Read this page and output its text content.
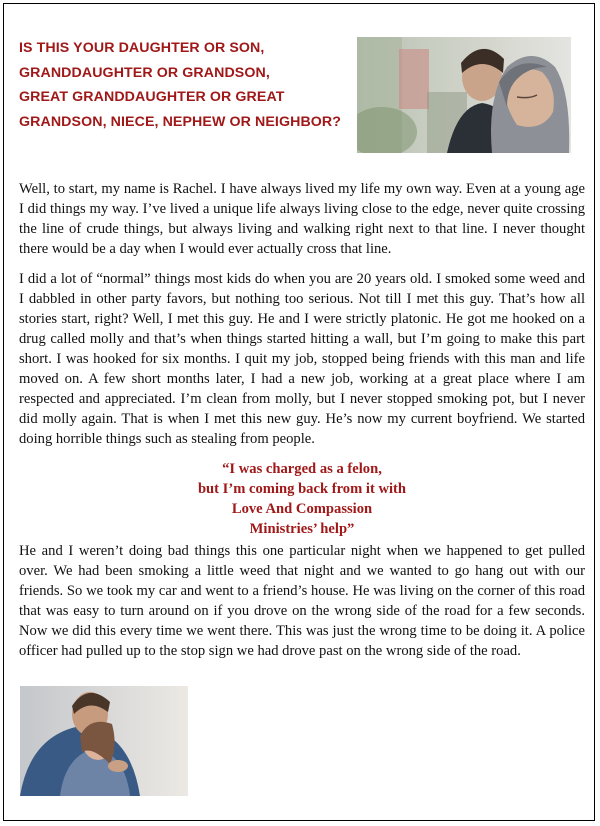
IS THIS YOUR DAUGHTER OR SON,
GRANDDAUGHTER OR GRANDSON,
GREAT GRANDDAUGHTER OR GREAT
GRANDSON, NIECE, NEPHEW OR NEIGHBOR?

Well, to start, my name is Rachel. I have always lived my life my own way. Even at a young age I did things my way. I’ve lived a unique life always living close to the edge, never quite crossing the line of crude things, but always living and walking right next to that line. I never thought there would be a day when I would ever actually cross that line.

I did a lot of “normal” things most kids do when you are 20 years old. I smoked some weed and I dabbled in other party favors, but nothing too serious. Not till I met this guy. That’s how all stories start, right? Well, I met this guy. He and I were strictly platonic. He got me hooked on a drug called molly and that’s when things started hitting a wall, but I’m going to make this part short. I was hooked for six months. I quit my job, stopped being friends with this man and life moved on. A few short months later, I had a new job, working at a great place where I am respected and appreciated. I’m clean from molly, but I never stopped smoking pot, but I never did molly again. That is when I met this new guy. He’s now my current boyfriend. We started doing horrible things such as stealing from people.

“I was charged as a felon,
but I’m coming back from it with
Love And Compassion
Ministries’ help”

He and I weren’t doing bad things this one particular night when we happened to get pulled over. We had been smoking a little weed that night and we wanted to go hang out with our friends. So we took my car and went to a friend’s house. He was living on the corner of this road that was easy to turn around on if you drove on the wrong side of the road for a few seconds. Now we did this every time we went there. This was just the wrong time to be doing it. A police officer had pulled up to the stop sign we had drove past on the wrong side of the road.
